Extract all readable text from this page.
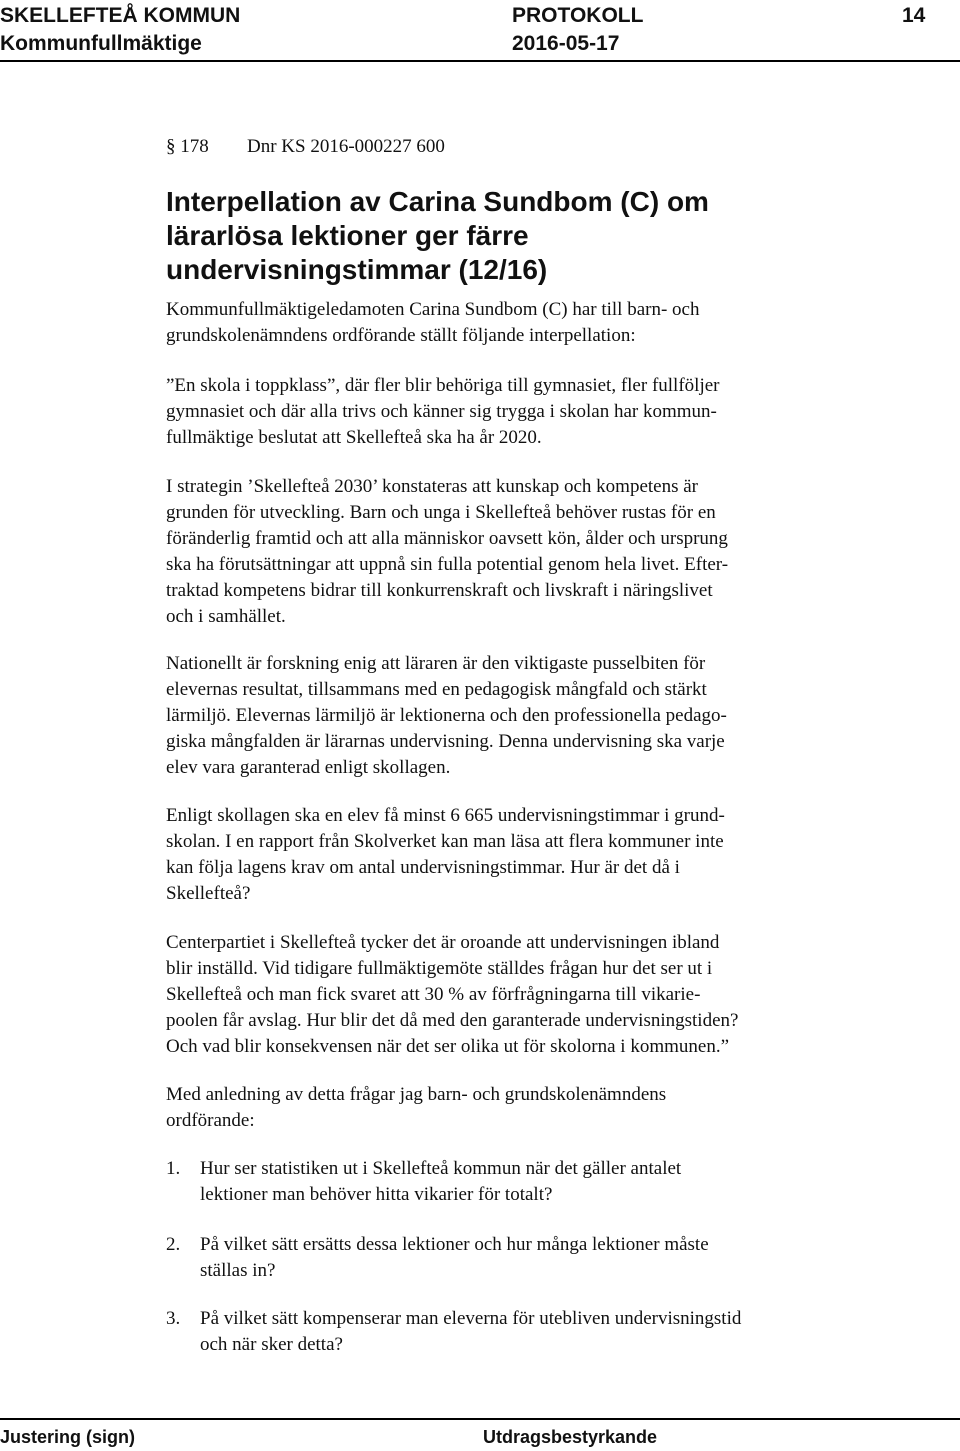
SKELLEFTEÅ KOMMUN	PROTOKOLL	14
Kommunfullmäktige	2016-05-17
§ 178 Dnr KS 2016-000227 600
Interpellation av Carina Sundbom (C) om
lärarlösa lektioner ger färre
undervisningstimmar (12/16)

Kommunfullmäktigeledamoten Carina Sundbom (C) har till barn- och
grundskolenämndens ordförande ställt följande interpellation:

”En skola i toppklass”, där fler blir behöriga till gymnasiet, fler fullföljer
gymnasiet och där alla trivs och känner sig trygga i skolan har kommun-
fullmäktige beslutat att Skellefteå ska ha år 2020.

I strategin ’Skellefteå 2030’ konstateras att kunskap och kompetens är
grunden för utveckling. Barn och unga i Skellefteå behöver rustas för en
föränderlig framtid och att alla människor oavsett kön, ålder och ursprung
ska ha förutsättningar att uppnå sin fulla potential genom hela livet. Efter-
traktad kompetens bidrar till konkurrenskraft och livskraft i näringslivet
och i samhället.

Nationellt är forskning enig att läraren är den viktigaste pusselbiten för
elevernas resultat, tillsammans med en pedagogisk mångfald och stärkt
lärmiljö. Elevernas lärmiljö är lektionerna och den professionella pedago-
giska mångfalden är lärarnas undervisning. Denna undervisning ska varje
elev vara garanterad enligt skollagen.

Enligt skollagen ska en elev få minst 6 665 undervisningstimmar i grund-
skolan. I en rapport från Skolverket kan man läsa att flera kommuner inte
kan följa lagens krav om antal undervisningstimmar. Hur är det då i
Skellefteå?

Centerpartiet i Skellefteå tycker det är oroande att undervisningen ibland
blir inställd. Vid tidigare fullmäktigemöte ställdes frågan hur det ser ut i
Skellefteå och man fick svaret att 30 % av förfrågningarna till vikarie-
poolen får avslag. Hur blir det då med den garanterade undervisningstiden?
Och vad blir konsekvensen när det ser olika ut för skolorna i kommunen.”

Med anledning av detta frågar jag barn- och grundskolenämndens
ordförande:

1. Hur ser statistiken ut i Skellefteå kommun när det gäller antalet
lektioner man behöver hitta vikarier för totalt?
2. På vilket sätt ersätts dessa lektioner och hur många lektioner måste
ställas in?
3. På vilket sätt kompenserar man eleverna för utebliven undervisningstid
och när sker detta?
Justering (sign)	Utdragsbestyrkande
